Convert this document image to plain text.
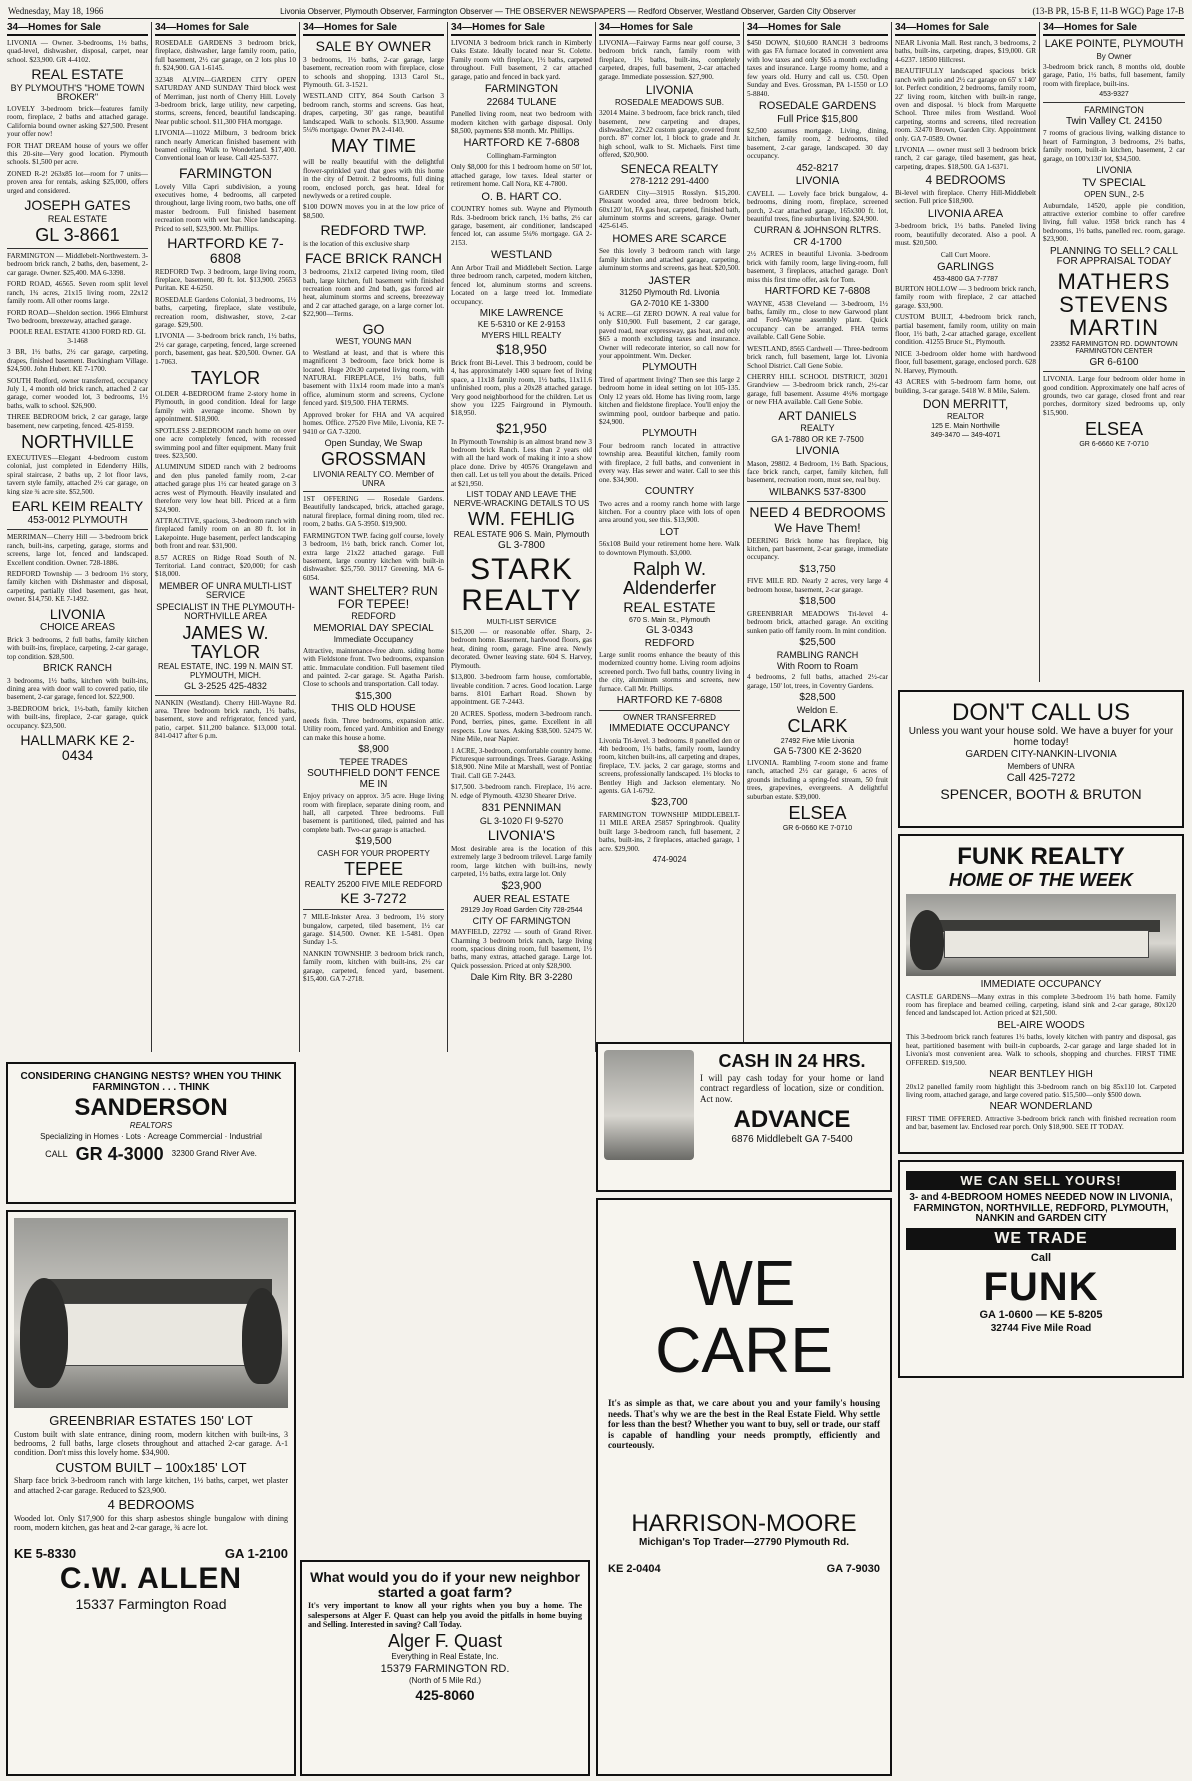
Wednesday, May 18, 1966	Livonia Observer, Plymouth Observer, Farmington Observer — THE OBSERVER NEWSPAPERS — Redford Observer, Westland Observer, Garden City Observer	(13-B PR, 15-B F, 11-B WGC) Page 17-B
34—Homes for Sale

LIVONIA — Owner. 3-bedrooms, 1½ baths, quad-level, dishwasher, disposal, carpet, near school. $23,900. GR 4-4102.

REAL ESTATE
BY PLYMOUTH'S "HOME TOWN BROKER"

LOVELY 3-bedroom brick—features family room, fireplace, 2 baths and attached garage. California bound owner asking $27,500. Present your offer now!

FOR THAT DREAM house of yours we offer this 20-site—Very good location. Plymouth schools. $1,500 per acre.

ZONED R-2! 263x85 lot—room for 7 units—proven area for rentals, asking $25,000, offers urged and considered.

JOSEPH GATES
REAL ESTATE
GL 3-8661

FARMINGTON — Middlebelt-Northwestern. 3-bedroom brick ranch, 2 baths, den, basement, 2-car garage. Owner. $25,400. MA 6-3398.

FORD ROAD, 46565. Seven room split level ranch, 1¾ acres, 21x15 living room, 22x12 family room. All other rooms large.

FORD ROAD—Sheldon section. 1966 Elmhurst Two bedroom, breezeway, attached garage.

POOLE REAL ESTATE 41300 FORD RD. GL 3-1468

3 BR, 1½ baths, 2½ car garage, carpeting, drapes, finished basement. Buckingham Village. $24,500. John Hubert. KE 7-1700.

SOUTH Redford, owner transferred, occupancy July 1, 4 month old brick ranch, attached 2 car garage, corner wooded lot, 3 bedrooms, 1½ baths, walk to school. $26,900.

THREE BEDROOM brick, 2 car garage, large basement, new carpeting, fenced. 425-8159.

NORTHVILLE

EXECUTIVES—Elegant 4-bedroom custom colonial, just completed in Edenderry Hills, spiral staircase, 2 baths up, 2 lot floor lavs, tavern style family, attached 2½ car garage, on king size ¾ acre site. $52,500.

EARL KEIM REALTY
453-0012 PLYMOUTH

MERRIMAN—Cherry Hill — 3-bedroom brick ranch, built-ins, carpeting, garage, storms and screens, large lot, fenced and landscaped. Excellent condition. Owner. 728-1886.

REDFORD Township — 3 bedroom 1½ story, family kitchen with Dishmaster and disposal, carpeting, partially tiled basement, gas heat, owner. $14,750. KE 7-1492.

LIVONIA
CHOICE AREAS

Brick 3 bedrooms, 2 full baths, family kitchen with built-ins, fireplace, carpeting, 2-car garage, top condition. $28,500.

BRICK RANCH

3 bedrooms, 1½ baths, kitchen with built-ins, dining area with door wall to covered patio, tile basement, 2-car garage, fenced lot. $22,900.

3-BEDROOM brick, 1½-bath, family kitchen with built-ins, fireplace, 2-car garage, quick occupancy. $23,500.

HALLMARK KE 2-0434
34—Homes for Sale

ROSEDALE GARDENS 3 bedroom brick, fireplace, dishwasher, large family room, patio, full basement, 2½ car garage, on 2 lots plus 10 ft. $24,900. GA 1-6145.

32348 ALVIN—GARDEN CITY OPEN SATURDAY AND SUNDAY Third block west of Merriman, just north of Cherry Hill. Lovely 3-bedroom brick, large utility, new carpeting, storms, screens, fenced, beautiful landscaping. Near public school. $11,300 FHA mortgage.

LIVONIA—11022 Milburn, 3 bedroom brick ranch nearly American finished basement with beamed ceiling. Walk to Wonderland. $17,400. Conventional loan or lease. Call 425-5377.

FARMINGTON

Lovely Villa Capri subdivision, a young executives home, 4 bedrooms, all carpeted throughout, large living room, two baths, one off master bedroom. Full finished basement recreation room with wet bar. Nice landscaping. Priced to sell, $23,900. Mr. Phillips.

HARTFORD KE 7-6808

REDFORD Twp. 3 bedroom, large living room, fireplace, basement, 80 ft. lot. $13,900. 25653 Puritan. KE 4-6250.

ROSEDALE Gardens Colonial, 3 bedrooms, 1½ baths, carpeting, fireplace, slate vestibule, recreation room, dishwasher, stove, 2-car garage. $29,500.

LIVONIA — 3-bedroom brick ranch, 1½ baths, 2½ car garage, carpeting, fenced, large screened porch, basement, gas heat. $20,500. Owner. GA 1-7063.

TAYLOR

OLDER 4-BEDROOM frame 2-story home in Plymouth, in good condition. Ideal for large family with average income. Shown by appointment. $18,900.

SPOTLESS 2-BEDROOM ranch home on over one acre completely fenced, with recessed swimming pool and filter equipment. Many fruit trees. $23,500.

ALUMINUM SIDED ranch with 2 bedrooms and den plus paneled family room, 2-car attached garage plus 1½ car heated garage on 3 acres west of Plymouth. Heavily insulated and therefore very low heat bill. Priced at a firm $24,900.

ATTRACTIVE, spacious, 3-bedroom ranch with fireplaced family room on an 80 ft. lot in Lakepointe. Huge basement, perfect landscaping both front and rear. $31,900.

8.57 ACRES on Ridge Road South of N. Territorial. Land contract, $20,000; for cash $18,000.

MEMBER OF UNRA MULTI-LIST SERVICE
SPECIALIST IN THE PLYMOUTH-NORTHVILLE AREA
JAMES W. TAYLOR
REAL ESTATE, INC. 199 N. MAIN ST. PLYMOUTH, MICH.
GL 3-2525 425-4832

NANKIN (Westland). Cherry Hill-Wayne Rd. area. Three bedroom brick ranch, 1½ baths, basement, stove and refrigerator, fenced yard, patio, carpet. $11,200 balance. $13,000 total. 841-0417 after 6 p.m.

34—Homes for Sale
SALE BY OWNER

3 bedrooms, 1½ baths, 2-car garage, large basement, recreation room with fireplace, close to schools and shopping. 1313 Carol St., Plymouth. GL 3-1521.

WESTLAND CITY, 864 South Carlson 3 bedroom ranch, storms and screens. Gas heat, drapes, carpeting, 30' gas range, beautiful landscaped. Walk to schools. $13,900. Assume 5¼% mortgage. Owner PA 2-4140.

MAY TIME

will be really beautiful with the delightful flower-sprinkled yard that goes with this home in the city of Detroit. 2 bedrooms, full dining room, enclosed porch, gas heat. Ideal for newlyweds or a retired couple.

$100 DOWN moves you in at the low price of $8,500.

REDFORD TWP.

is the location of this exclusive sharp

FACE BRICK RANCH

3 bedrooms, 21x12 carpeted living room, tiled bath, large kitchen, full basement with finished recreation room and 2nd bath, gas forced air heat, aluminum storms and screens, breezeway and 2 car attached garage, on a large corner lot. $22,900—Terms.

GO
WEST, YOUNG MAN

to Westland at least, and that is where this magnificent 3 bedroom, face brick home is located. Huge 20x30 carpeted living room, with NATURAL FIREPLACE, 1½ baths, full basement with 11x14 room made into a man's office, aluminum storm and screens, Cyclone fenced yard. $19,500. FHA TERMS.

Approved broker for FHA and VA acquired homes. Office. 27520 Five Mile, Livonia, KE 7-9410 or GA 7-3200.

Open Sunday, We Swap
GROSSMAN
LIVONIA REALTY CO. Member of UNRA

1ST OFFERING — Rosedale Gardens. Beautifully landscaped, brick, attached garage, natural fireplace, formal dining room, tiled rec. room, 2 baths. GA 5-3950. $19,900.

FARMINGTON TWP. facing golf course, lovely 3 bedroom, 1½ bath, brick ranch. Corner lot, extra large 21x22 attached garage. Full basement, large country kitchen with built-in dishwasher. $25,750. 30117 Greening. MA 6-6054.

WANT SHELTER? RUN FOR TEPEE!
REDFORD
MEMORIAL DAY SPECIAL
Immediate Occupancy

Attractive, maintenance-free alum. siding home with Fieldstone front. Two bedrooms, expansion attic. Immaculate condition. Full basement tiled and painted. 2-car garage. St. Agatha Parish. Close to schools and transportation. Call today.

$15,300
THIS OLD HOUSE

needs fixin. Three bedrooms, expansion attic. Utility room, fenced yard. Ambition and Energy can make this house a home.

$8,900
TEPEE TRADES
SOUTHFIELD DON'T FENCE ME IN

Enjoy privacy on approx. 3/5 acre. Huge living room with fireplace, separate dining room, and hall, all carpeted. Three bedrooms. Full basement is partitioned, tiled, painted and has complete bath. Two-car garage is attached.

$19,500
CASH FOR YOUR PROPERTY
TEPEE
REALTY 25200 FIVE MILE REDFORD
KE 3-7272

7 MILE-Inkster Area. 3 bedroom, 1½ story bungalow, carpeted, tiled basement, 1½ car garage. $14,500. Owner. KE 1-5481. Open Sunday 1-5.

NANKIN TOWNSHIP. 3 bedroom brick ranch, family room, kitchen with built-ins, 2½ car garage, carpeted, fenced yard, basement. $15,400. GA 7-2718.

34—Homes for Sale

LIVONIA 3 bedroom brick ranch in Kimberly Oaks Estate. Ideally located near St. Colette. Family room with fireplace, 1½ baths, carpeted throughout. Full basement, 2 car attached garage, patio and fenced in back yard.

FARMINGTON
22684 TULANE

Panelled living room, neat two bedroom with modern kitchen with garbage disposal. Only $8,500, payments $58 month. Mr. Phillips.

HARTFORD KE 7-6808

Collingham-Farmington

Only $8,000 for this 1 bedroom home on 50' lot, attached garage, low taxes. Ideal starter or retirement home. Call Nora, KE 4-7800.

O. B. HART CO.

COUNTRY homes sub. Wayne and Plymouth Rds. 3-bedroom brick ranch, 1½ baths, 2½ car garage, basement, air conditioner, landscaped fenced lot, can assume 5¼% mortgage. GA 2-2153.

WESTLAND

Ann Arbor Trail and Middlebelt Section. Large three bedroom ranch, carpeted, modern kitchen, fenced lot, aluminum storms and screens. Located on a large treed lot. Immediate occupancy.

MIKE LAWRENCE
KE 5-5310 or KE 2-9153
MYERS HILL REALTY
$18,950

Brick front Bi-Level. This 3 bedroom, could be 4, has approximately 1400 square feet of living space, a 11x18 family room, 1½ baths, 11x11.6 unfinished room, plus a 20x28 attached garage. Very good neighborhood for the children. Let us show you 1225 Fairground in Plymouth. $18,950.

$21,950

In Plymouth Township is an almost brand new 3 bedroom brick Ranch. Less than 2 years old with all the hard work of making it into a show place done. Drive by 40576 Orangelawn and then call. Let us tell you about the details. Priced at $21,950.

LIST TODAY AND LEAVE THE NERVE-WRACKING DETAILS TO US
WM. FEHLIG
REAL ESTATE 906 S. Main, Plymouth
GL 3-7800
STARK REALTY
MULTI-LIST SERVICE

$15,200 — or reasonable offer. Sharp, 2-bedroom home. Basement, hardwood floors, gas heat, dining room, garage. Fine area. Newly decorated. Owner leaving state. 604 S. Harvey, Plymouth.

$13,800. 3-bedroom farm house, comfortable, liveable condition. 7 acres. Good location. Large barns. 8101 Earhart Road. Shown by appointment. GE 7-2443.

20 ACRES. Spotless, modern 3-bedroom ranch. Pond, berries, pines, game. Excellent in all respects. Low taxes. Asking $38,500. 52475 W. Nine Mile, near Napier.

1 ACRE, 3-bedroom, comfortable country home. Picturesque surroundings. Trees. Garage. Asking $18,900. Nine Mile at Marshall, west of Pontiac Trail. Call GE 7-2443.

$17,500. 3-bedroom ranch. Fireplace, 1½ acre. N. edge of Plymouth. 43230 Shearer Drive.

831 PENNIMAN
GL 3-1020 FI 9-5270
LIVONIA'S

Most desirable area is the location of this extremely large 3 bedroom trilevel. Large family room, large kitchen with built-ins, newly carpeted, 1½ baths, extra large lot. Only

$23,900
AUER REAL ESTATE
29129 Joy Road Garden City 728-2544
CITY OF FARMINGTON

MAYFIELD, 22792 — south of Grand River. Charming 3 bedroom brick ranch, large living room, spacious dining room, full basement, 1½ baths, many extras, attached garage. Large lot. Quick possession. Priced at only $28,900.

Dale Kim Rlty. BR 3-2280
34—Homes for Sale

LIVONIA—Fairway Farms near golf course, 3 bedroom brick ranch, family room with fireplace, 1½ baths, built-ins, completely carpeted, drapes, full basement, 2-car attached garage. Immediate possession. $27,900.

LIVONIA
ROSEDALE MEADOWS SUB.

32014 Maine. 3 bedroom, face brick ranch, tiled basement, new carpeting and drapes, dishwasher, 22x22 custom garage, covered front porch. 87' corner lot, 1 block to grade and Jr. high school, walk to St. Michaels. First time offered, $20,900.

SENECA REALTY
278-1212 291-4400

GARDEN City—31915 Rosslyn. $15,200. Pleasant wooded area, three bedroom brick, 60x120' lot, FA gas heat, carpeted, finished bath, aluminum storms and screens, garage. Owner 425-6145.

HOMES ARE SCARCE

See this lovely 3 bedroom ranch with large family kitchen and attached garage, carpeting, aluminum storms and screens, gas heat. $20,500.

JASTER
31250 Plymouth Rd. Livonia
GA 2-7010 KE 1-3300

¼ ACRE—GI ZERO DOWN. A real value for only $10,900. Full basement, 2 car garage, paved road, near expressway, gas heat, and only $65 a month excluding taxes and insurance. Owner will redecorate interior, so call now for your appointment. Wm. Decker.

PLYMOUTH

Tired of apartment living? Then see this large 2 bedroom home in ideal setting on lot 105-135. Only 12 years old. Home has living room, large kitchen and fieldstone fireplace. You'll enjoy the swimming pool, outdoor barbeque and patio. $24,900.

PLYMOUTH

Four bedroom ranch located in attractive township area. Beautiful kitchen, family room with fireplace, 2 full baths, and convenient in every way. Has sewer and water. Call to see this one. $34,900.

COUNTRY

Two acres and a roomy ranch home with large kitchen. For a country place with lots of open area around you, see this. $13,900.

LOT

56x108 Build your retirement home here. Walk to downtown Plymouth. $3,000.

Ralph W. Aldenderfer
REAL ESTATE
670 S. Main St., Plymouth
GL 3-0343
REDFORD

Large sunlit rooms enhance the beauty of this modernized country home. Living room adjoins screened porch. Two full baths, country living in the city, aluminum storms and screens, new furnace. Call Mr. Phillips.

HARTFORD KE 7-6808
OWNER TRANSFERRED
IMMEDIATE OCCUPANCY

Livonia Tri-level. 3 bedrooms. 8 panelled den or 4th bedroom, 1½ baths, family room, laundry room, kitchen built-ins, all carpeting and drapes, fireplace, T.V. jacks, 2 car garage, storms and screens, professionally landscaped. 1½ blocks to Bentley High and Jackson elementary. No agents. GA 1-6792.

$23,700

FARMINGTON TOWNSHIP MIDDLEBELT-11 MILE AREA 25857 Springbrook. Quality built large 3-bedroom ranch, full basement, 2 baths, built-ins, 2 fireplaces, attached garage, 1 acre. $29,900.

474-9024
34—Homes for Sale

$450 DOWN, $10,600 RANCH 3 bedrooms with gas FA furnace located in convenient area with low taxes and only $65 a month excluding taxes and insurance. Large roomy home, and a few years old. Hurry and call us. C50. Open Sunday and Eves. Grossman, PA 1-1550 or LO 5-8840.

ROSEDALE GARDENS
Full Price $15,800

$2,500 assumes mortgage. Living, dining, kitchen, family room, 2 bedrooms, tiled basement, 2-car garage, landscaped. 30 day occupancy.

452-8217
LIVONIA

CAVELL — Lovely face brick bungalow, 4-bedrooms, dining room, fireplace, screened porch, 2-car attached garage, 165x300 ft. lot, beautiful trees, fine suburban living. $24,900.

CURRAN & JOHNSON RLTRS.
CR 4-1700

2½ ACRES in beautiful Livonia. 3-bedroom brick with family room, large living-room, full basement, 3 fireplaces, attached garage. Don't miss this first time offer, ask for Tom.

HARTFORD KE 7-6808

WAYNE, 4538 Cleveland — 3-bedroom, 1½ baths, family rm., close to new Garwood plant and Ford-Wayne assembly plant. Quick occupancy can be arranged. FHA terms available. Call Gene Sobie.

WESTLAND, 8565 Cardwell — Three-bedroom brick ranch, full basement, large lot. Livonia School District. Call Gene Sobie.

CHERRY HILL SCHOOL DISTRICT, 30201 Grandview — 3-bedroom brick ranch, 2½-car garage, full basement. Assume 4½% mortgage or new FHA available. Call Gene Sobie.

ART DANIELS
REALTY
GA 1-7880 OR KE 7-7500
LIVONIA

Mason, 29802. 4 Bedroom, 1½ Bath. Spacious, face brick ranch, carpet, family kitchen, full basement, recreation room, must see, real buy.

WILBANKS 537-8300
NEED 4 BEDROOMS
We Have Them!

DEERING Brick home has fireplace, big kitchen, part basement, 2-car garage, immediate occupancy.

$13,750

FIVE MILE RD. Nearly 2 acres, very large 4 bedroom house, basement, 2-car garage.

$18,500

GREENBRIAR MEADOWS Tri-level 4-bedroom brick, attached garage. An exciting sunken patio off family room. In mint condition.

$25,500
RAMBLING RANCH
With Room to Roam

4 bedrooms, 2 full baths, attached 2½-car garage, 150' lot, trees, in Coventry Gardens.

$28,500
Weldon E.
CLARK
27492 Five Mile Livonia
GA 5-7300 KE 2-3620

LIVONIA. Rambling 7-room stone and frame ranch, attached 2½ car garage, 6 acres of grounds including a spring-fed stream, 50 fruit trees, grapevines, evergreens. A delightful suburban estate. $39,000.

ELSEA
GR 6-0660 KE 7-0710
34—Homes for Sale

NEAR Livonia Mall. Rest ranch, 3 bedrooms, 2 baths, built-ins, carpeting, drapes, $19,000. GR 4-6237. 18500 Hillcrest.

BEAUTIFULLY landscaped spacious brick ranch with patio and 2½ car garage on 65' x 140' lot. Perfect condition, 2 bedrooms, family room, 22' living room, kitchen with built-in range, oven and disposal. ½ block from Marquette School. Three miles from Westland. Wool carpeting, storms and screens, tiled recreation room. 32470 Brown, Garden City. Appointment only. GA 7-0589. Owner.

LIVONIA — owner must sell 3 bedroom brick ranch, 2 car garage, tiled basement, gas heat, carpeting, drapes. $18,500. GA 1-6371.

4 BEDROOMS

Bi-level with fireplace. Cherry Hill-Middlebelt section. Full price $18,900.

LIVONIA AREA

3-bedroom brick, 1½ baths. Paneled living room, beautifully decorated. Also a pool. A must. $20,500.

Call Curt Moore.

GARLINGS
453-4800 GA 7-7787

BURTON HOLLOW — 3 bedroom brick ranch, family room with fireplace, 2 car attached garage. $33,900.

CUSTOM BUILT, 4-bedroom brick ranch, partial basement, family room, utility on main floor, 1½ bath, 2-car attached garage, excellent condition. 41255 Bruce St., Plymouth.

NICE 3-bedroom older home with hardwood floor, full basement, garage, enclosed porch. 628 N. Harvey, Plymouth.

43 ACRES with 5-bedroom farm home, out building, 3-car garage. 5418 W. 8 Mile, Salem.

DON MERRITT,
REALTOR
125 E. Main Northville
349-3470 — 349-4071
34—Homes for Sale
LAKE POINTE, PLYMOUTH
By Owner

3-bedroom brick ranch, 8 months old, double garage, Patio, 1½ baths, full basement, family room with fireplace, built-ins.

453-9327
FARMINGTON
Twin Valley Ct. 24150

7 rooms of gracious living, walking distance to heart of Farmington, 3 bedrooms, 2½ baths, family room, built-in kitchen, basement, 2 car garage, on 100'x130' lot, $34,500.

LIVONIA
TV SPECIAL
OPEN SUN., 2-5

Auburndale, 14520, apple pie condition, attractive exterior combine to offer carefree living, full value. 1958 brick ranch has 4 bedrooms, 1½ baths, panelled rec. room, garage. $23,900.

PLANNING TO SELL? CALL FOR APPRAISAL TODAY
MATHERS STEVENS MARTIN
23352 FARMINGTON RD. DOWNTOWN FARMINGTON CENTER
GR 6-6100

LIVONIA. Large four bedroom older home in good condition. Approximately one half acres of grounds, two car garage, closed front and rear porches, dormitory sized bedrooms up, only $15,900.

ELSEA
GR 6-6660 KE 7-0710
DON'T CALL US
Unless you want your house sold. We have a buyer for your home today!
GARDEN CITY-NANKIN-LIVONIA
Members of UNRA
Call 425-7272
SPENCER, BOOTH & BRUTON
FUNK REALTY
HOME OF THE WEEK
IMMEDIATE OCCUPANCY

CASTLE GARDENS—Many extras in this complete 3-bedroom 1½ bath home. Family room has fireplace and beamed ceiling, carpeting, island sink and 2-car garage, 80x120 fenced and landscaped lot. Action priced at $21,500.

BEL-AIRE WOODS

This 3-bedroom brick ranch features 1½ baths, lovely kitchen with pantry and disposal, gas heat, partitioned basement with built-in cupboards, 2-car garage and large shaded lot in Livonia's most convenient area. Walk to schools, shopping and churches. FIRST TIME OFFERED. $19,500.

NEAR BENTLEY HIGH

20x12 panelled family room highlight this 3-bedroom ranch on big 85x110 lot. Carpeted living room, attached garage, and large covered patio. $15,500—only $500 down.

NEAR WONDERLAND

FIRST TIME OFFERED. Attractive 3-bedroom brick ranch with finished recreation room and bar, basement lav. Enclosed rear porch. Only $18,900. SEE IT TODAY.

WE CAN SELL YOURS!
3- and 4-BEDROOM HOMES NEEDED NOW IN LIVONIA, FARMINGTON, NORTHVILLE, REDFORD, PLYMOUTH, NANKIN and GARDEN CITY
WE TRADE
Call
FUNK
GA 1-0600 — KE 5-8205
32744 Five Mile Road
CONSIDERING CHANGING NESTS? WHEN YOU THINK FARMINGTON . . . THINK
SANDERSON
REALTORS
Specializing in Homes · Lots · Acreage Commercial · Industrial
CALL GR 4-3000 32300 Grand River Ave.
GREENBRIAR ESTATES 150' LOT

Custom built with slate entrance, dining room, modern kitchen with built-ins, 3 bedrooms, 2 full baths, large closets throughout and attached 2-car garage. A-1 condition. Don't miss this lovely home. $34,900.

CUSTOM BUILT – 100x185' LOT

Sharp face brick 3-bedroom ranch with large kitchen, 1½ baths, carpet, wet plaster and attached 2-car garage. Reduced to $23,900.

4 BEDROOMS

Wooded lot. Only $17,900 for this sharp asbestos shingle bungalow with dining room, modern kitchen, gas heat and 2-car garage, ¾ acre lot.

KE 5-8330	GA 1-2100
C.W. ALLEN
15337 Farmington Road
What would you do if your new neighbor started a goat farm?

It's very important to know all your rights when you buy a home. The salespersons at Alger F. Quast can help you avoid the pitfalls in home buying and Selling. Interested in saving? Call Today.

Alger F. Quast
Everything in Real Estate, Inc.
15379 FARMINGTON RD.
(North of 5 Mile Rd.)
425-8060
CASH IN 24 HRS.

I will pay cash today for your home or land contract regardless of location, size or condition. Act now.

ADVANCE
6876 Middlebelt GA 7-5400
WE CARE

It's as simple as that, we care about you and your family's housing needs. That's why we are the best in the Real Estate Field. Why settle for less than the best? Whether you want to buy, sell or trade, our staff is capable of handling your needs promptly, efficiently and courteously.

HARRISON-MOORE
Michigan's Top Trader—27790 Plymouth Rd.
KE 2-0404	GA 7-9030
